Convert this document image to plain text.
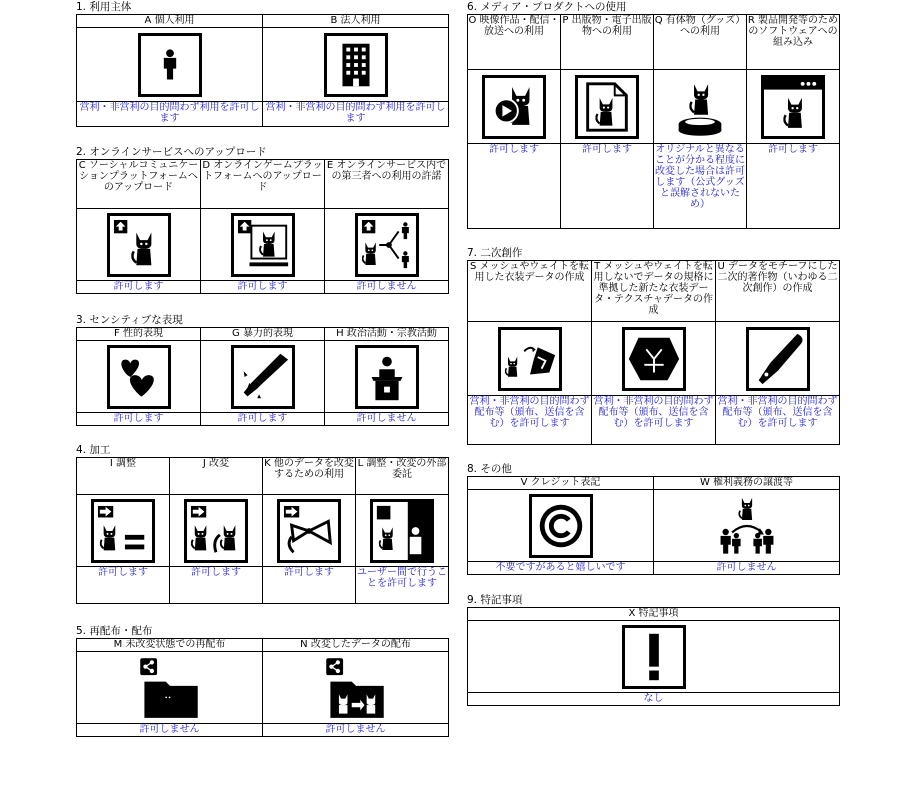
1. 利用主体
A 個人利用	B 法人利用

営利・非営利の目的問わず利用を許可します	営利・非営利の目的問わず利用を許可します
2. オンラインサービスへのアップロード
C ソーシャルコミュニケーションプラットフォームへのアップロード	D オンラインゲームプラットフォームへのアップロード	E オンラインサービス内での第三者への利用の許諾

許可します	許可します	許可しません
3. センシティブな表現
F 性的表現	G 暴力的表現	H 政治活動・宗教活動

許可します	許可します	許可しません
4. 加工
I 調整	J 改変	K 他のデータを改変するための利用	L 調整・改変の外部委託

許可します	許可します	許可します	ユーザー間で行うことを許可します
5. 再配布・配布
M 未改変状態での再配布	N 改変したデータの配布

許可しません	許可しません
6. メディア・プロダクトへの使用
O 映像作品・配信・放送への利用	P 出版物・電子出版物への利用	Q 有体物（グッズ）への利用	R 製品開発等のためのソフトウェアへの組み込み

許可します	許可します	オリジナルと異なることが分かる程度に改変した場合は許可します（公式グッズと誤解されないため）	許可します
7. 二次創作
S メッシュやウェイトを転用した衣装データの作成	T メッシュやウェイトを転用しないでデータの規格に準拠した新たな衣装データ・テクスチャデータの作成	U データをモチーフにした二次的著作物（いわゆる二次創作）の作成

営利・非営利の目的問わず配布等（頒布、送信を含む）を許可します	営利・非営利の目的問わず配布等（頒布、送信を含む）を許可します	営利・非営利の目的問わず配布等（頒布、送信を含む）を許可します
8. その他
V クレジット表記	W 権利義務の譲渡等

不要ですがあると嬉しいです	許可しません
9. 特記事項
X 特記事項

なし
